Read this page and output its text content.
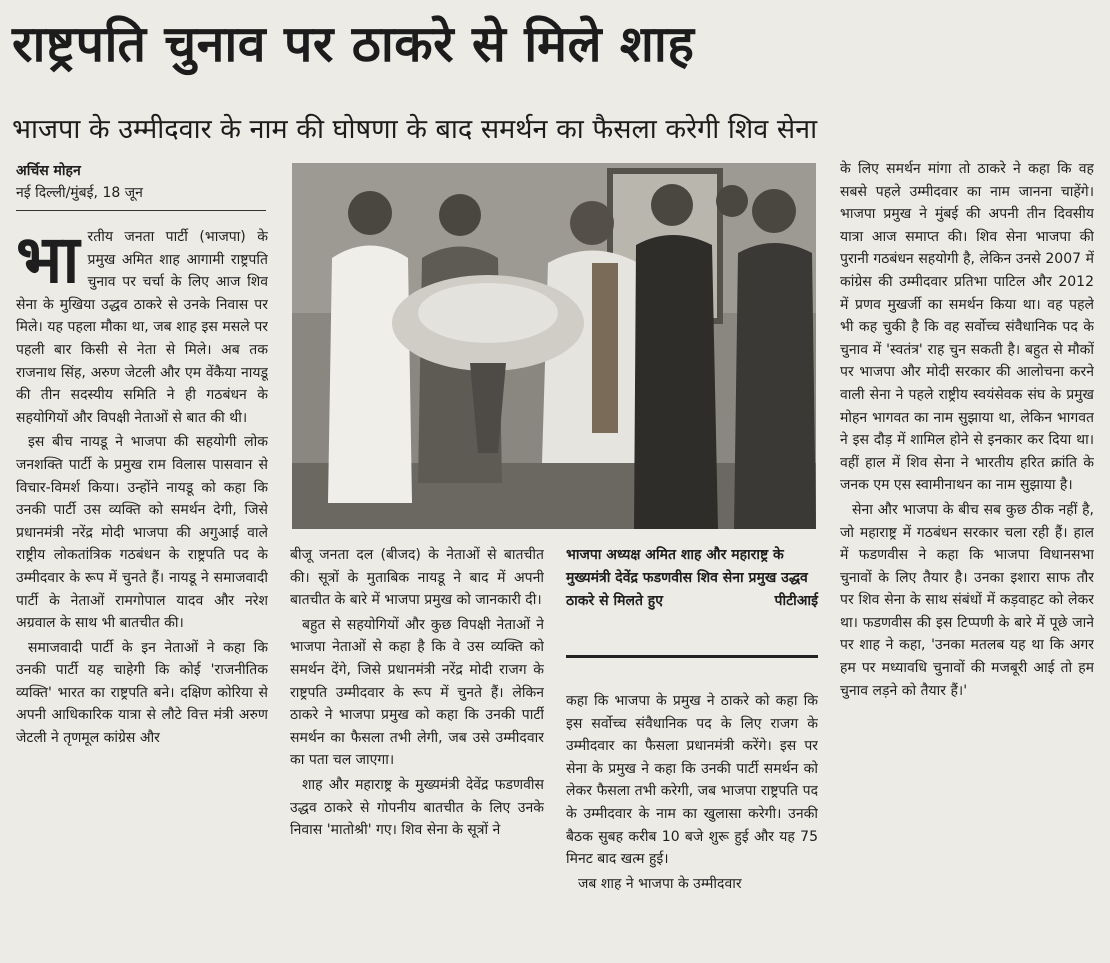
राष्ट्रपति चुनाव पर ठाकरे से मिले शाह
भाजपा के उम्मीदवार के नाम की घोषणा के बाद समर्थन का फैसला करेगी शिव सेना
अर्चिस मोहन
नई दिल्ली/मुंबई, 18 जून

भारतीय जनता पार्टी (भाजपा) के प्रमुख अमित शाह आगामी राष्ट्रपति चुनाव पर चर्चा के लिए आज शिव सेना के मुखिया उद्धव ठाकरे से उनके निवास पर मिले। यह पहला मौका था, जब शाह इस मसले पर पहली बार किसी से नेता से मिले। अब तक राजनाथ सिंह, अरुण जेटली और एम वेंकैया नायडू की तीन सदस्यीय समिति ने ही गठबंधन के सहयोगियों और विपक्षी नेताओं से बात की थी।

इस बीच नायडू ने भाजपा की सहयोगी लोक जनशक्ति पार्टी के प्रमुख राम विलास पासवान से विचार-विमर्श किया। उन्होंने नायडू को कहा कि उनकी पार्टी उस व्यक्ति को समर्थन देगी, जिसे प्रधानमंत्री नरेंद्र मोदी भाजपा की अगुआई वाले राष्ट्रीय लोकतांत्रिक गठबंधन के राष्ट्रपति पद के उम्मीदवार के रूप में चुनते हैं। नायडू ने समाजवादी पार्टी के नेताओं रामगोपाल यादव और नरेश अग्रवाल के साथ भी बातचीत की।

समाजवादी पार्टी के इन नेताओं ने कहा कि उनकी पार्टी यह चाहेगी कि कोई 'राजनीतिक व्यक्ति' भारत का राष्ट्रपति बने। दक्षिण कोरिया से अपनी आधिकारिक यात्रा से लौटे वित्त मंत्री अरुण जेटली ने तृणमूल कांग्रेस और

भाजपा अध्यक्ष अमित शाह और महाराष्ट्र के मुख्यमंत्री देवेंद्र फडणवीस शिव सेना प्रमुख उद्धव ठाकरे से मिलते हुए	पीटीआई

बीजू जनता दल (बीजद) के नेताओं से बातचीत की। सूत्रों के मुताबिक नायडू ने बाद में अपनी बातचीत के बारे में भाजपा प्रमुख को जानकारी दी।

बहुत से सहयोगियों और कुछ विपक्षी नेताओं ने भाजपा नेताओं से कहा है कि वे उस व्यक्ति को समर्थन देंगे, जिसे प्रधानमंत्री नरेंद्र मोदी राजग के राष्ट्रपति उम्मीदवार के रूप में चुनते हैं। लेकिन ठाकरे ने भाजपा प्रमुख को कहा कि उनकी पार्टी समर्थन का फैसला तभी लेगी, जब उसे उम्मीदवार का पता चल जाएगा।

शाह और महाराष्ट्र के मुख्यमंत्री देवेंद्र फडणवीस उद्धव ठाकरे से गोपनीय बातचीत के लिए उनके निवास 'मातोश्री' गए। शिव सेना के सूत्रों ने

कहा कि भाजपा के प्रमुख ने ठाकरे को कहा कि इस सर्वोच्च संवैधानिक पद के लिए राजग के उम्मीदवार का फैसला प्रधानमंत्री करेंगे। इस पर सेना के प्रमुख ने कहा कि उनकी पार्टी समर्थन को लेकर फैसला तभी करेगी, जब भाजपा राष्ट्रपति पद के उम्मीदवार के नाम का खुलासा करेगी। उनकी बैठक सुबह करीब 10 बजे शुरू हुई और यह 75 मिनट बाद खत्म हुई।

जब शाह ने भाजपा के उम्मीदवार

के लिए समर्थन मांगा तो ठाकरे ने कहा कि वह सबसे पहले उम्मीदवार का नाम जानना चाहेंगे। भाजपा प्रमुख ने मुंबई की अपनी तीन दिवसीय यात्रा आज समाप्त की। शिव सेना भाजपा की पुरानी गठबंधन सहयोगी है, लेकिन उनसे 2007 में कांग्रेस की उम्मीदवार प्रतिभा पाटिल और 2012 में प्रणव मुखर्जी का समर्थन किया था। वह पहले भी कह चुकी है कि वह सर्वोच्च संवैधानिक पद के चुनाव में 'स्वतंत्र' राह चुन सकती है। बहुत से मौकों पर भाजपा और मोदी सरकार की आलोचना करने वाली सेना ने पहले राष्ट्रीय स्वयंसेवक संघ के प्रमुख मोहन भागवत का नाम सुझाया था, लेकिन भागवत ने इस दौड़ में शामिल होने से इनकार कर दिया था। वहीं हाल में शिव सेना ने भारतीय हरित क्रांति के जनक एम एस स्वामीनाथन का नाम सुझाया है।

सेना और भाजपा के बीच सब कुछ ठीक नहीं है, जो महाराष्ट्र में गठबंधन सरकार चला रही हैं। हाल में फडणवीस ने कहा कि भाजपा विधानसभा चुनावों के लिए तैयार है। उनका इशारा साफ तौर पर शिव सेना के साथ संबंधों में कड़वाहट को लेकर था। फडणवीस की इस टिप्पणी के बारे में पूछे जाने पर शाह ने कहा, 'उनका मतलब यह था कि अगर हम पर मध्यावधि चुनावों की मजबूरी आई तो हम चुनाव लड़ने को तैयार हैं।'
